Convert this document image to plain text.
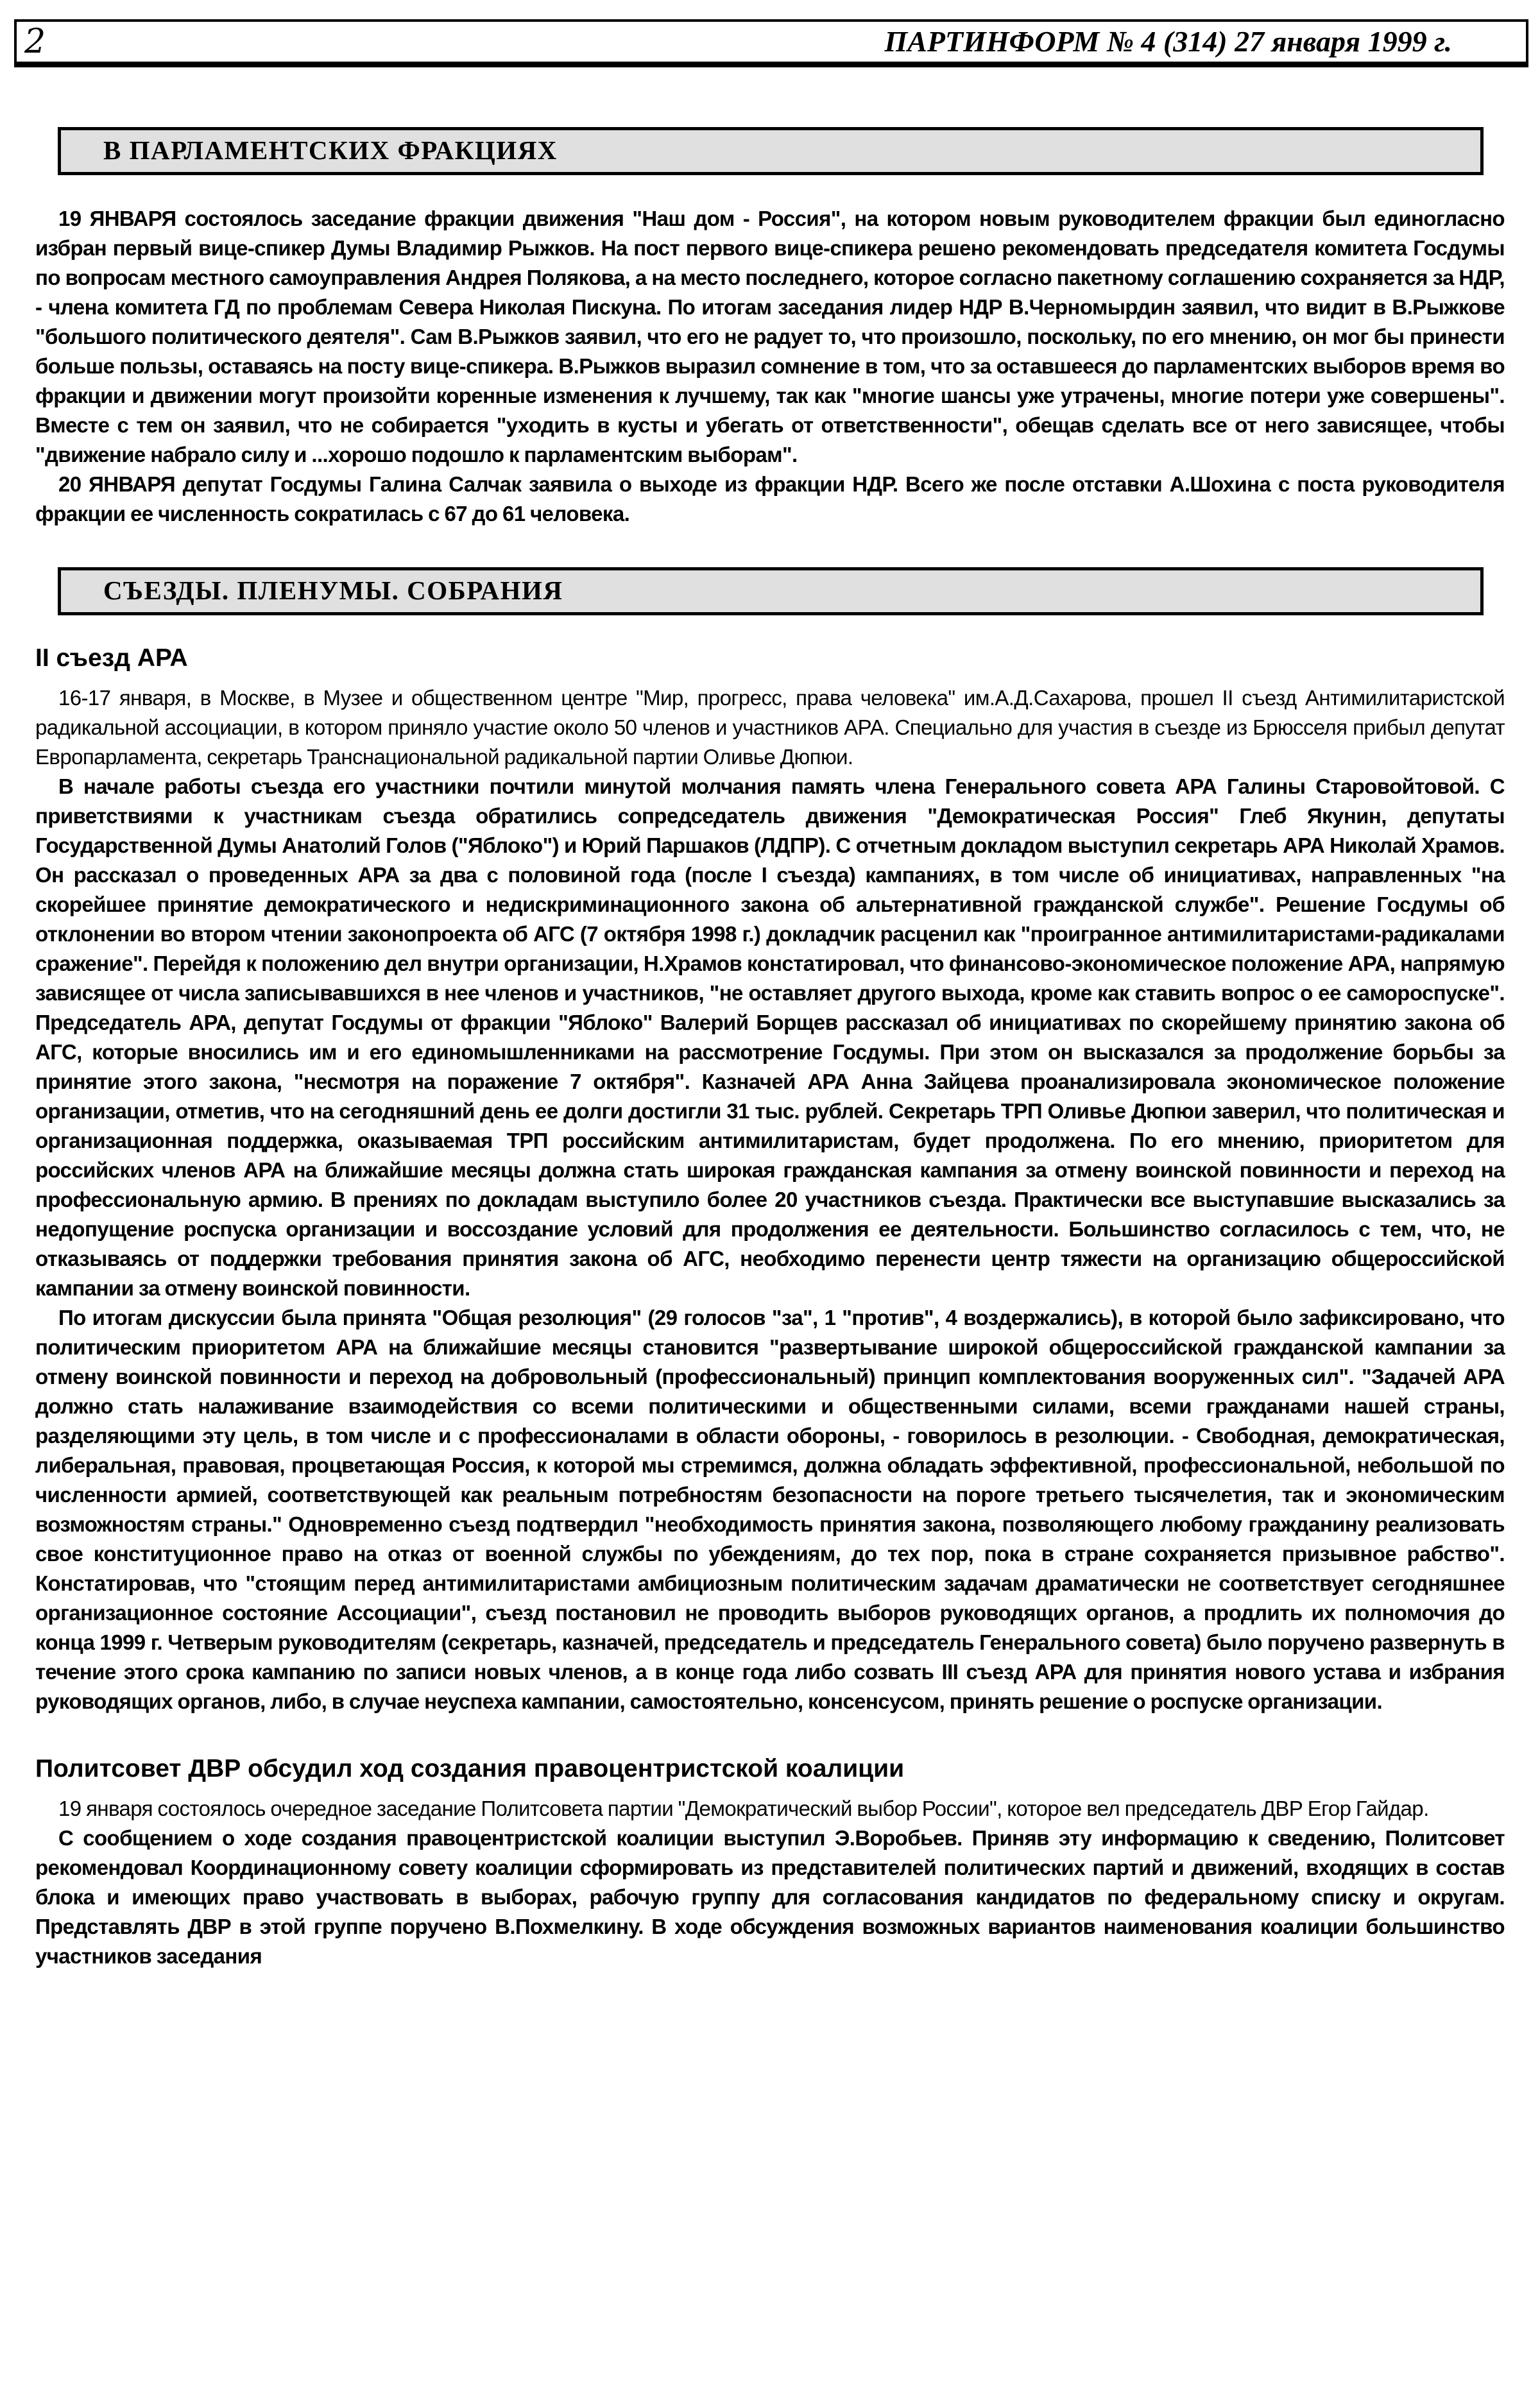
2	ПАРТИНФОРМ № 4 (314) 27 января 1999 г.
В ПАРЛАМЕНТСКИХ ФРАКЦИЯХ

19 ЯНВАРЯ состоялось заседание фракции движения "Наш дом - Россия", на котором новым руководителем фракции был единогласно избран первый вице-спикер Думы Владимир Рыжков. На пост первого вице-спикера решено рекомендовать председателя комитета Госдумы по вопросам местного самоуправления Андрея Полякова, а на место последнего, которое согласно пакетному соглашению сохраняется за НДР, - члена комитета ГД по проблемам Севера Николая Пискуна. По итогам заседания лидер НДР В.Черномырдин заявил, что видит в В.Рыжкове "большого политического деятеля". Сам В.Рыжков заявил, что его не радует то, что произошло, поскольку, по его мнению, он мог бы принести больше пользы, оставаясь на посту вице-спикера. В.Рыжков выразил сомнение в том, что за оставшееся до парламентских выборов время во фракции и движении могут произойти коренные изменения к лучшему, так как "многие шансы уже утрачены, многие потери уже совершены". Вместе с тем он заявил, что не собирается "уходить в кусты и убегать от ответственности", обещав сделать все от него зависящее, чтобы "движение набрало силу и ...хорошо подошло к парламентским выборам".

20 ЯНВАРЯ депутат Госдумы Галина Салчак заявила о выходе из фракции НДР. Всего же после отставки А.Шохина с поста руководителя фракции ее численность сократилась с 67 до 61 человека.

СЪЕЗДЫ. ПЛЕНУМЫ. СОБРАНИЯ
II съезд АРА

16-17 января, в Москве, в Музее и общественном центре "Мир, прогресс, права человека" им.А.Д.Сахарова, прошел II съезд Антимилитаристской радикальной ассоциации, в котором приняло участие около 50 членов и участников АРА. Специально для участия в съезде из Брюсселя прибыл депутат Европарламента, секретарь Транснациональной радикальной партии Оливье Дюпюи.

В начале работы съезда его участники почтили минутой молчания память члена Генерального совета АРА Галины Старовойтовой. С приветствиями к участникам съезда обратились сопредседатель движения "Демократическая Россия" Глеб Якунин, депутаты Государственной Думы Анатолий Голов ("Яблоко") и Юрий Паршаков (ЛДПР). С отчетным докладом выступил секретарь АРА Николай Храмов. Он рассказал о проведенных АРА за два с половиной года (после I съезда) кампаниях, в том числе об инициативах, направленных "на скорейшее принятие демократического и недискриминационного закона об альтернативной гражданской службе". Решение Госдумы об отклонении во втором чтении законопроекта об АГС (7 октября 1998 г.) докладчик расценил как "проигранное антимилитаристами-радикалами сражение". Перейдя к положению дел внутри организации, Н.Храмов констатировал, что финансово-экономическое положение АРА, напрямую зависящее от числа записывавшихся в нее членов и участников, "не оставляет другого выхода, кроме как ставить вопрос о ее самороспуске". Председатель АРА, депутат Госдумы от фракции "Яблоко" Валерий Борщев рассказал об инициативах по скорейшему принятию закона об АГС, которые вносились им и его единомышленниками на рассмотрение Госдумы. При этом он высказался за продолжение борьбы за принятие этого закона, "несмотря на поражение 7 октября". Казначей АРА Анна Зайцева проанализировала экономическое положение организации, отметив, что на сегодняшний день ее долги достигли 31 тыс. рублей. Секретарь ТРП Оливье Дюпюи заверил, что политическая и организационная поддержка, оказываемая ТРП российским антимилитаристам, будет продолжена. По его мнению, приоритетом для российских членов АРА на ближайшие месяцы должна стать широкая гражданская кампания за отмену воинской повинности и переход на профессиональную армию. В прениях по докладам выступило более 20 участников съезда. Практически все выступавшие высказались за недопущение роспуска организации и воссоздание условий для продолжения ее деятельности. Большинство согласилось с тем, что, не отказываясь от поддержки требования принятия закона об АГС, необходимо перенести центр тяжести на организацию общероссийской кампании за отмену воинской повинности.

По итогам дискуссии была принята "Общая резолюция" (29 голосов "за", 1 "против", 4 воздержались), в которой было зафиксировано, что политическим приоритетом АРА на ближайшие месяцы становится "развертывание широкой общероссийской гражданской кампании за отмену воинской повинности и переход на добровольный (профессиональный) принцип комплектования вооруженных сил". "Задачей АРА должно стать налаживание взаимодействия со всеми политическими и общественными силами, всеми гражданами нашей страны, разделяющими эту цель, в том числе и с профессионалами в области обороны, - говорилось в резолюции. - Свободная, демократическая, либеральная, правовая, процветающая Россия, к которой мы стремимся, должна обладать эффективной, профессиональной, небольшой по численности армией, соответствующей как реальным потребностям безопасности на пороге третьего тысячелетия, так и экономическим возможностям страны." Одновременно съезд подтвердил "необходимость принятия закона, позволяющего любому гражданину реализовать свое конституционное право на отказ от военной службы по убеждениям, до тех пор, пока в стране сохраняется призывное рабство". Констатировав, что "стоящим перед антимилитаристами амбициозным политическим задачам драматически не соответствует сегодняшнее организационное состояние Ассоциации", съезд постановил не проводить выборов руководящих органов, а продлить их полномочия до конца 1999 г. Четверым руководителям (секретарь, казначей, председатель и председатель Генерального совета) было поручено развернуть в течение этого срока кампанию по записи новых членов, а в конце года либо созвать III съезд АРА для принятия нового устава и избрания руководящих органов, либо, в случае неуспеха кампании, самостоятельно, консенсусом, принять решение о роспуске организации.

Политсовет ДВР обсудил ход создания правоцентристской коалиции

19 января состоялось очередное заседание Политсовета партии "Демократический выбор России", которое вел председатель ДВР Егор Гайдар.

С сообщением о ходе создания правоцентристской коалиции выступил Э.Воробьев. Приняв эту информацию к сведению, Политсовет рекомендовал Координационному совету коалиции сформировать из представителей политических партий и движений, входящих в состав блока и имеющих право участвовать в выборах, рабочую группу для согласования кандидатов по федеральному списку и округам. Представлять ДВР в этой группе поручено В.Похмелкину. В ходе обсуждения возможных вариантов наименования коалиции большинство участников заседания
